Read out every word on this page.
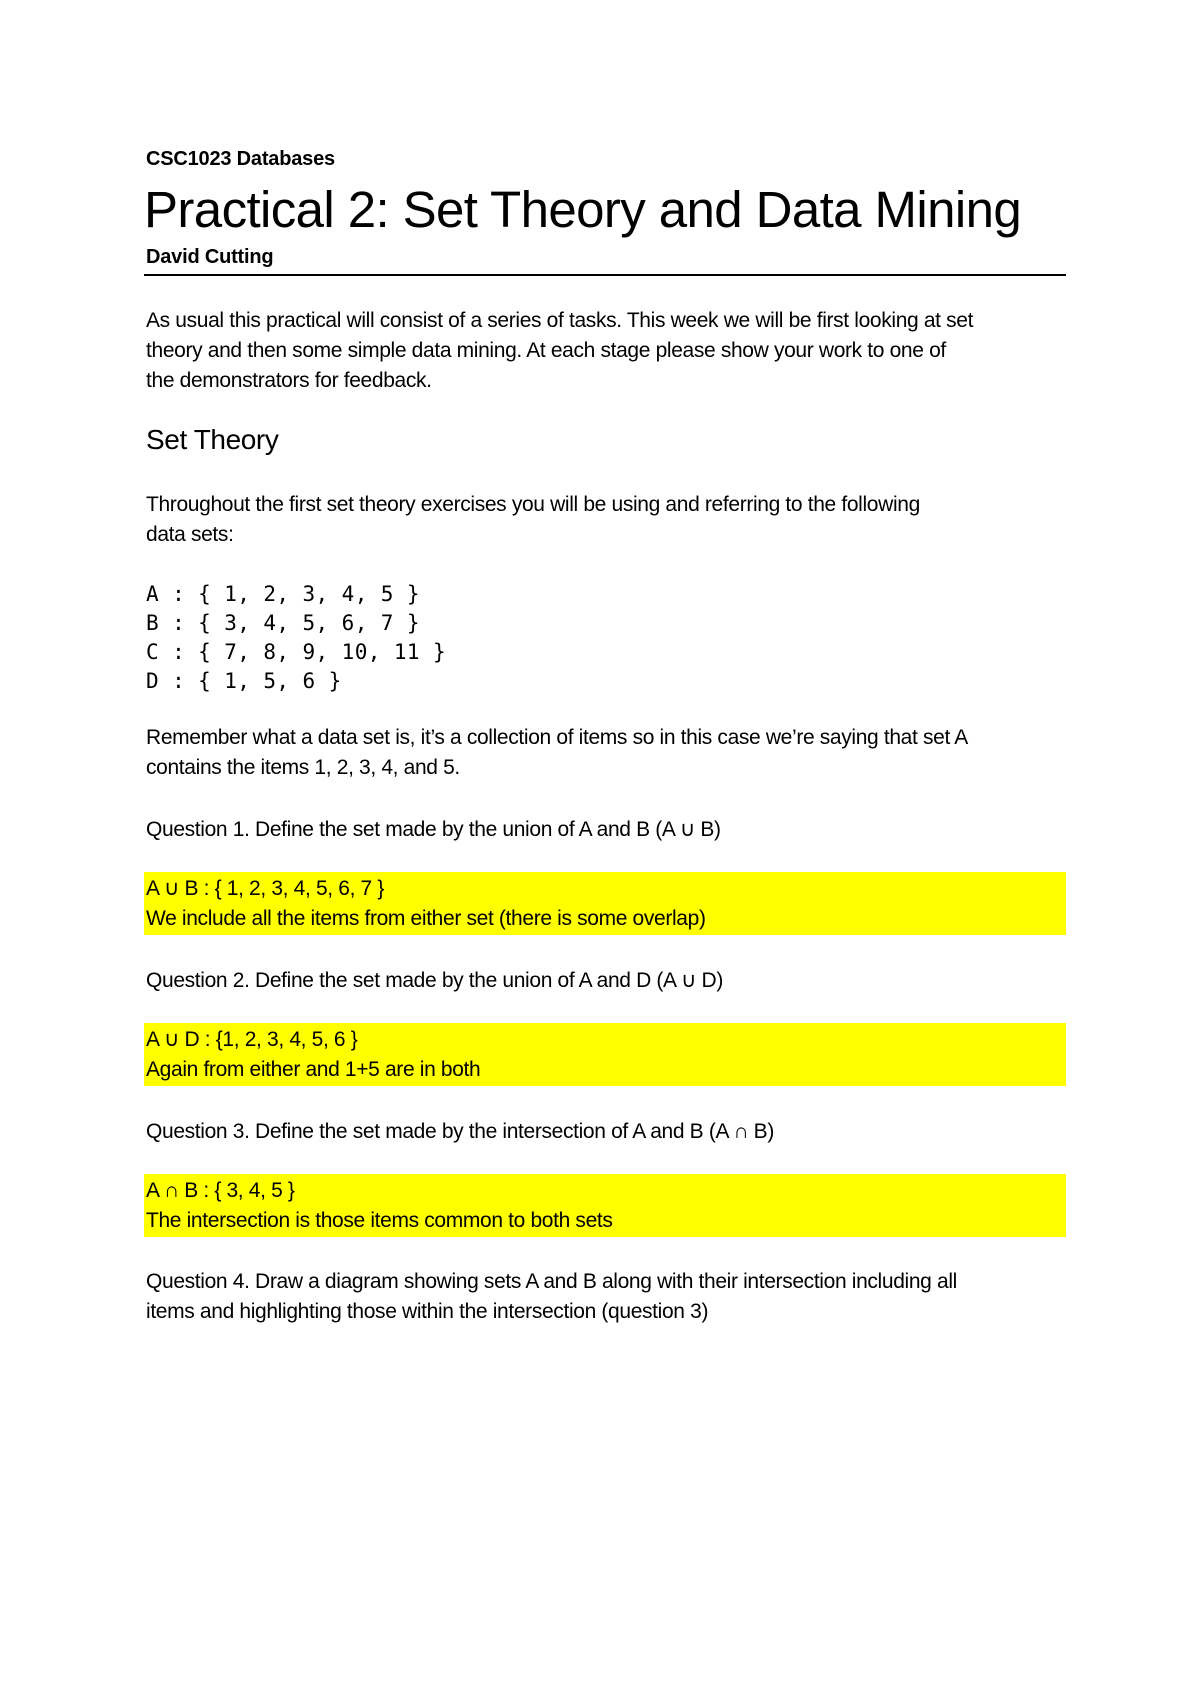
CSC1023 Databases
Practical 2: Set Theory and Data Mining
David Cutting
As usual this practical will consist of a series of tasks. This week we will be first looking at set
theory and then some simple data mining. At each stage please show your work to one of
the demonstrators for feedback.
Set Theory
Throughout the first set theory exercises you will be using and referring to the following
data sets:
A : { 1, 2, 3, 4, 5 }
B : { 3, 4, 5, 6, 7 }
C : { 7, 8, 9, 10, 11 }
D : { 1, 5, 6 }
Remember what a data set is, it’s a collection of items so in this case we’re saying that set A
contains the items 1, 2, 3, 4, and 5.
Question 1. Define the set made by the union of A and B (A ∪ B)
A ∪ B : { 1, 2, 3, 4, 5, 6, 7 }
We include all the items from either set (there is some overlap)
Question 2. Define the set made by the union of A and D (A ∪ D)
A ∪ D : {1, 2, 3, 4, 5, 6 }
Again from either and 1+5 are in both
Question 3. Define the set made by the intersection of A and B (A ∩ B)
A ∩ B : { 3, 4, 5 }
The intersection is those items common to both sets
Question 4. Draw a diagram showing sets A and B along with their intersection including all
items and highlighting those within the intersection (question 3)
